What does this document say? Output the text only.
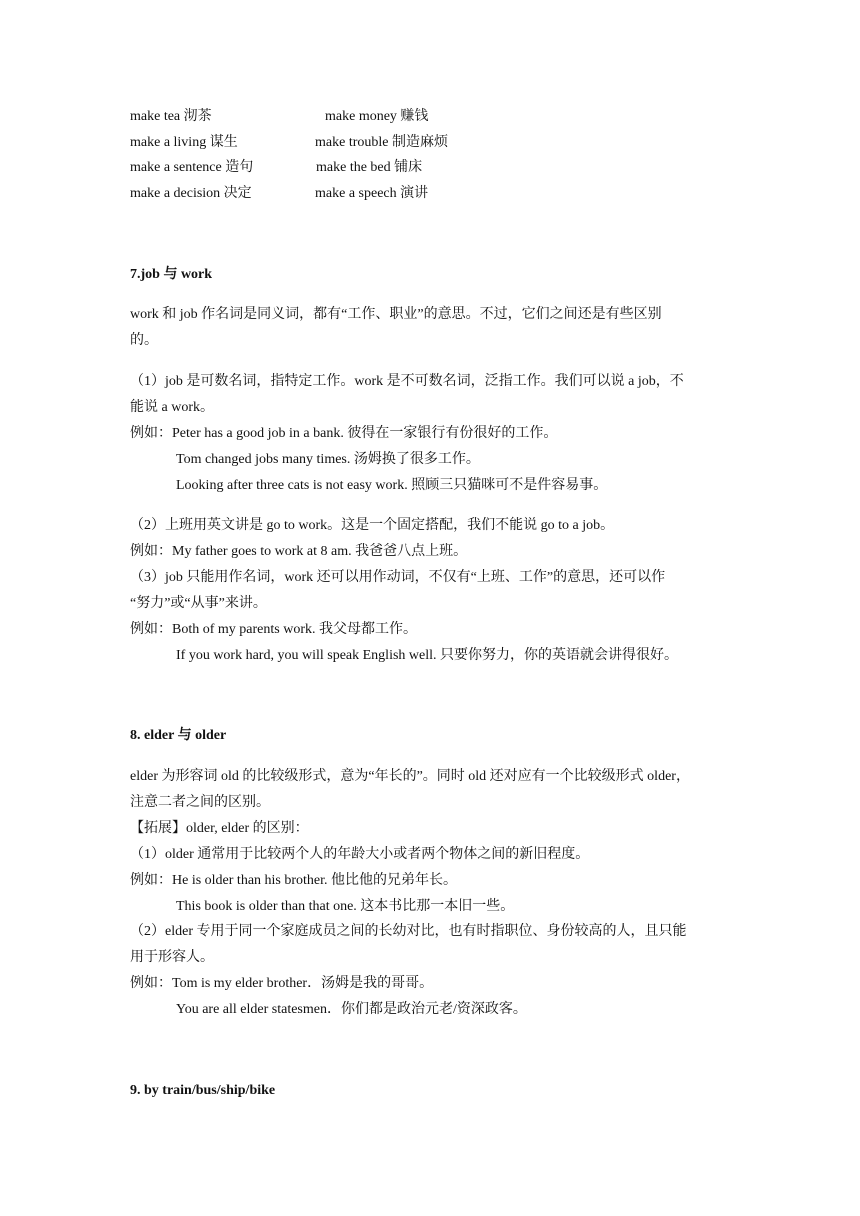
make tea 沏茶	make money 赚钱
make a living 谋生	make trouble 制造麻烦
make a sentence 造句	make the bed 铺床
make a decision 决定	make a speech 演讲
7.job 与 work
work 和 job 作名词是同义词，都有“工作、职业”的意思。不过，它们之间还是有些区别
的。
（1）job 是可数名词，指特定工作。work 是不可数名词，泛指工作。我们可以说 a job，不
能说 a work。
例如：Peter has a good job in a bank. 彼得在一家银行有份很好的工作。
Tom changed jobs many times. 汤姆换了很多工作。
Looking after three cats is not easy work. 照顾三只猫咪可不是件容易事。
（2）上班用英文讲是 go to work。这是一个固定搭配，我们不能说 go to a job。
例如：My father goes to work at 8 am. 我爸爸八点上班。
（3）job 只能用作名词，work 还可以用作动词，不仅有“上班、工作”的意思，还可以作
“努力”或“从事”来讲。
例如：Both of my parents work. 我父母都工作。
If you work hard, you will speak English well. 只要你努力，你的英语就会讲得很好。
8. elder 与 older
elder 为形容词 old 的比较级形式，意为“年长的”。同时 old 还对应有一个比较级形式 older，
注意二者之间的区别。
【拓展】older, elder 的区别：
（1）older 通常用于比较两个人的年龄大小或者两个物体之间的新旧程度。
例如：He is older than his brother. 他比他的兄弟年长。
This book is older than that one. 这本书比那一本旧一些。
（2）elder 专用于同一个家庭成员之间的长幼对比，也有时指职位、身份较高的人，且只能
用于形容人。
例如：Tom is my elder brother．汤姆是我的哥哥。
You are all elder statesmen．你们都是政治元老/资深政客。
9. by train/bus/ship/bike
